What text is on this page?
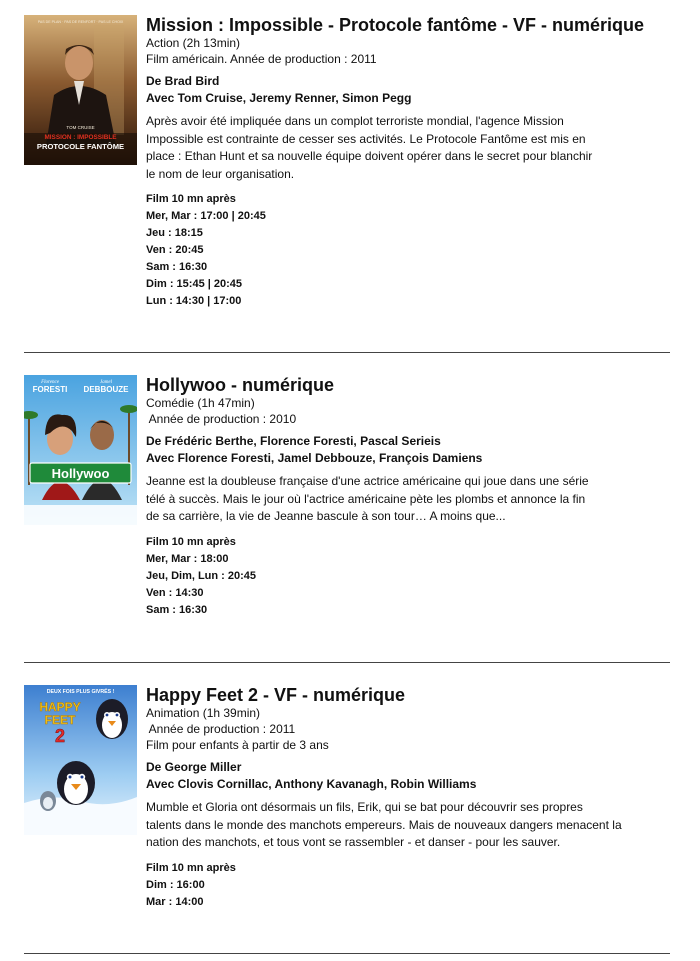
PAS DE PLAN · PAS DE RENFORT · PAS LE CHOIX
TOM CRUISE
MISSION : IMPOSSIBLE
PROTOCOLE FANTÔME
Mission : Impossible - Protocole fantôme - VF - numérique
Action (2h 13min)
Film américain. Année de production : 2011
De Brad Bird
Avec Tom Cruise, Jeremy Renner, Simon Pegg
Après avoir été impliquée dans un complot terroriste mondial, l'agence Mission
Impossible est contrainte de cesser ses activités. Le Protocole Fantôme est mis en
place : Ethan Hunt et sa nouvelle équipe doivent opérer dans le secret pour blanchir
le nom de leur organisation.
Film 10 mn après
Mer, Mar : 17:00 | 20:45
Jeu : 18:15
Ven : 20:45
Sam : 16:30
Dim : 15:45 | 20:45
Lun : 14:30 | 17:00
Hollywoo
Florence
FORESTI
Jamel
DEBBOUZE Hollywoo - numérique
Comédie (1h 47min)
Année de production : 2010
De Frédéric Berthe, Florence Foresti, Pascal Serieis
Avec Florence Foresti, Jamel Debbouze, François Damiens
Jeanne est la doubleuse française d'une actrice américaine qui joue dans une série
télé à succès. Mais le jour où l'actrice américaine pète les plombs et annonce la fin
de sa carrière, la vie de Jeanne bascule à son tour… A moins que...
Film 10 mn après
Mer, Mar : 18:00
Jeu, Dim, Lun : 20:45
Ven : 14:30
Sam : 16:30
DEUX FOIS PLUS GIVRÉS !
HAPPY
FEET
2
Happy Feet 2 - VF - numérique
Animation (1h 39min)
Année de production : 2011
Film pour enfants à partir de 3 ans
De George Miller
Avec Clovis Cornillac, Anthony Kavanagh, Robin Williams
Mumble et Gloria ont désormais un fils, Erik, qui se bat pour découvrir ses propres
talents dans le monde des manchots empereurs. Mais de nouveaux dangers menacent la
nation des manchots, et tous vont se rassembler - et danser - pour les sauver.
Film 10 mn après
Dim : 16:00
Mar : 14:00
